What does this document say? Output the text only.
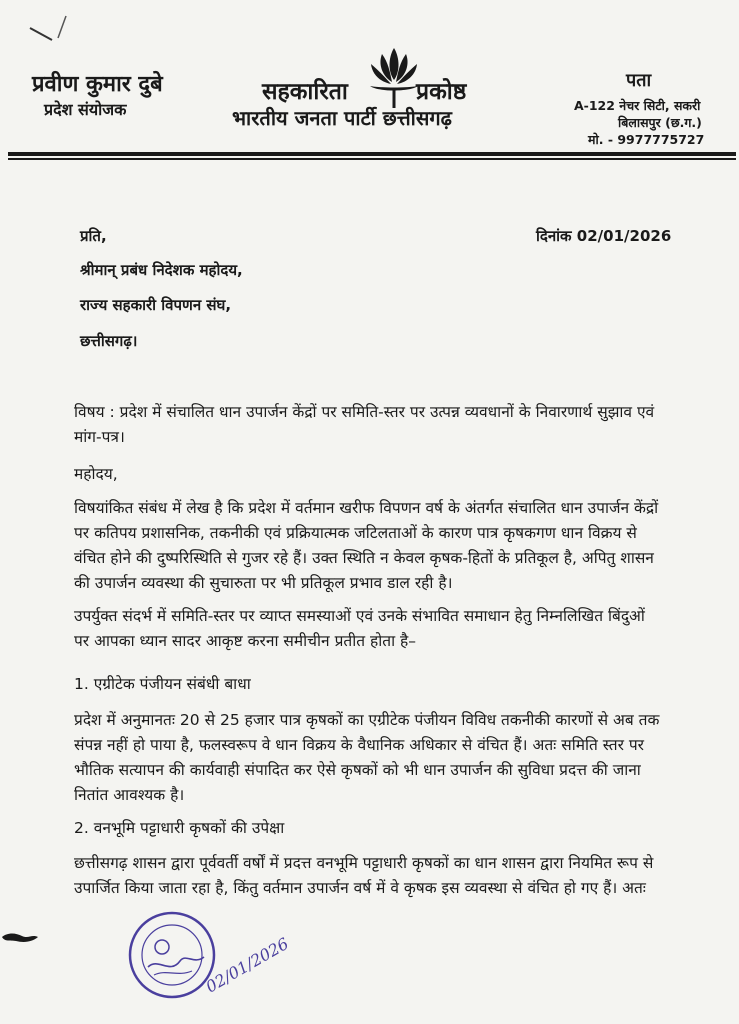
प्रवीण कुमार दुबे
प्रदेश संयोजक
सहकारिता	प्रकोष्ठ
भारतीय जनता पार्टी छत्तीसगढ़
पता
A-122 नेचर सिटी, सकरी
बिलासपुर (छ.ग.)
मो. - 9977775727
प्रति,	दिनांक 02/01/2026
श्रीमान् प्रबंध निदेशक महोदय,
राज्य सहकारी विपणन संघ,
छत्तीसगढ़।
विषय : प्रदेश में संचालित धान उपार्जन केंद्रों पर समिति-स्तर पर उत्पन्न व्यवधानों के निवारणार्थ सुझाव एवं
मांग-पत्र।
महोदय,
विषयांकित संबंध में लेख है कि प्रदेश में वर्तमान खरीफ विपणन वर्ष के अंतर्गत संचालित धान उपार्जन केंद्रों
पर कतिपय प्रशासनिक, तकनीकी एवं प्रक्रियात्मक जटिलताओं के कारण पात्र कृषकगण धान विक्रय से
वंचित होने की दुष्परिस्थिति से गुजर रहे हैं। उक्त स्थिति न केवल कृषक-हितों के प्रतिकूल है, अपितु शासन
की उपार्जन व्यवस्था की सुचारुता पर भी प्रतिकूल प्रभाव डाल रही है।
उपर्युक्त संदर्भ में समिति-स्तर पर व्याप्त समस्याओं एवं उनके संभावित समाधान हेतु निम्नलिखित बिंदुओं
पर आपका ध्यान सादर आकृष्ट करना समीचीन प्रतीत होता है–
1. एग्रीटेक पंजीयन संबंधी बाधा
प्रदेश में अनुमानतः 20 से 25 हजार पात्र कृषकों का एग्रीटेक पंजीयन विविध तकनीकी कारणों से अब तक
संपन्न नहीं हो पाया है, फलस्वरूप वे धान विक्रय के वैधानिक अधिकार से वंचित हैं। अतः समिति स्तर पर
भौतिक सत्यापन की कार्यवाही संपादित कर ऐसे कृषकों को भी धान उपार्जन की सुविधा प्रदत्त की जाना
नितांत आवश्यक है।
2. वनभूमि पट्टाधारी कृषकों की उपेक्षा
छत्तीसगढ़ शासन द्वारा पूर्ववर्ती वर्षों में प्रदत्त वनभूमि पट्टाधारी कृषकों का धान शासन द्वारा नियमित रूप से
उपार्जित किया जाता रहा है, किंतु वर्तमान उपार्जन वर्ष में वे कृषक इस व्यवस्था से वंचित हो गए हैं। अतः
02/01/2026
